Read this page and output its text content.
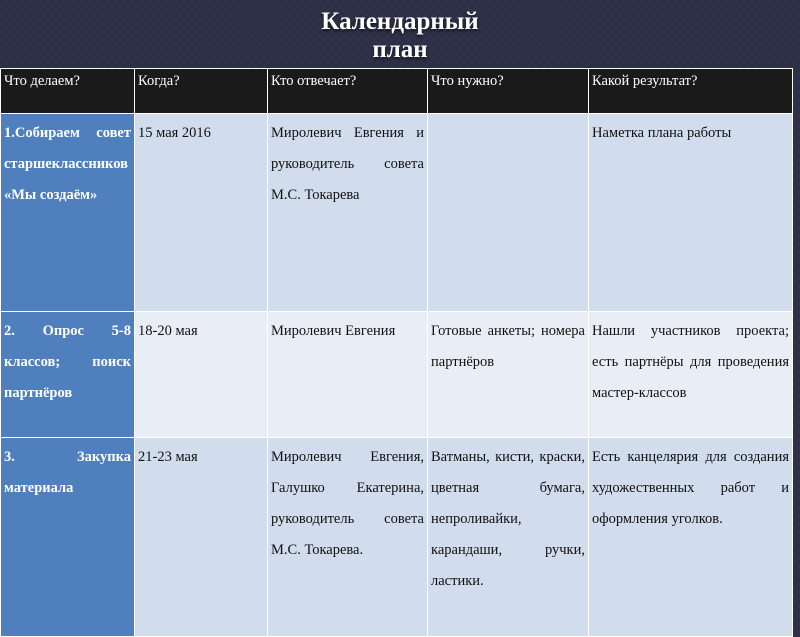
Календарный
план
Что делаем?	Когда?	Кто отвечает?	Что нужно?	Какой результат?
1.Собираем совет старшеклассников «Мы создаём»	15 мая 2016	Миролевич Евгения и руководитель совета М.С. Токарева		Наметка плана работы
2. Опрос 5-8 классов; поиск партнёров	18-20 мая	Миролевич Евгения	Готовые анкеты; номера партнёров	Нашли участников проекта; есть партнёры для проведения мастер-классов
3. Закупка материала	21-23 мая	Миролевич Евгения, Галушко Екатерина, руководитель совета М.С. Токарева.	Ватманы, кисти, краски, цветная бумага, непроливайки, карандаши, ручки, ластики.	Есть канцелярия для создания художественных работ и оформления уголков.
